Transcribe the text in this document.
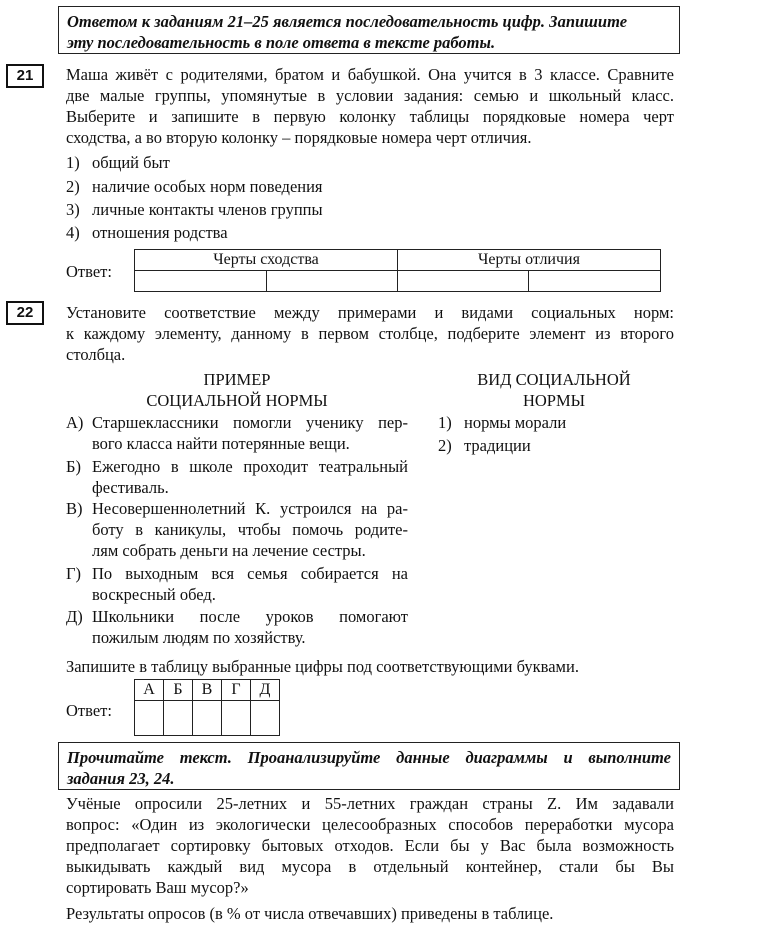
Ответом к заданиям 21–25 является последовательность цифр. Запишите
эту последовательность в поле ответа в тексте работы.
21	Маша живёт с родителями, братом и бабушкой. Она учится в 3 классе. Сравните
две малые группы, упомянутые в условии задания: семью и школьный класс.
Выберите и запишите в первую колонку таблицы порядковые номера черт
сходства, а во вторую колонку – порядковые номера черт отличия.
1) общий быт
2) наличие особых норм поведения
3) личные контакты членов группы
4) отношения родства
Ответ:
Черты сходства		Черты отличия	

22	Установите соответствие между примерами и видами социальных норм:
к каждому элементу, данному в первом столбце, подберите элемент из второго
столбца.
ПРИМЕР
СОЦИАЛЬНОЙ НОРМЫ
ВИД СОЦИАЛЬНОЙ
НОРМЫ
А) Старшеклассники помогли ученику пер-
вого класса найти потерянные вещи.
Б) Ежегодно в школе проходит театральный
фестиваль.
В) Несовершеннолетний К. устроился на ра-
боту в каникулы, чтобы помочь родите-
лям собрать деньги на лечение сестры.
Г) По выходным вся семья собирается на
воскресный обед.
Д) Школьники после уроков помогают
пожилым людям по хозяйству.
1) нормы морали
2) традиции
Запишите в таблицу выбранные цифры под соответствующими буквами.
Ответ:
А	Б	В	Г	Д

Прочитайте текст. Проанализируйте данные диаграммы и выполните
задания 23, 24.
Учёные опросили 25-летних и 55-летних граждан страны Z. Им задавали
вопрос: «Один из экологически целесообразных способов переработки мусора
предполагает сортировку бытовых отходов. Если бы у Вас была возможность
выкидывать каждый вид мусора в отдельный контейнер, стали бы Вы
сортировать Ваш мусор?»
Результаты опросов (в % от числа отвечавших) приведены в таблице.
